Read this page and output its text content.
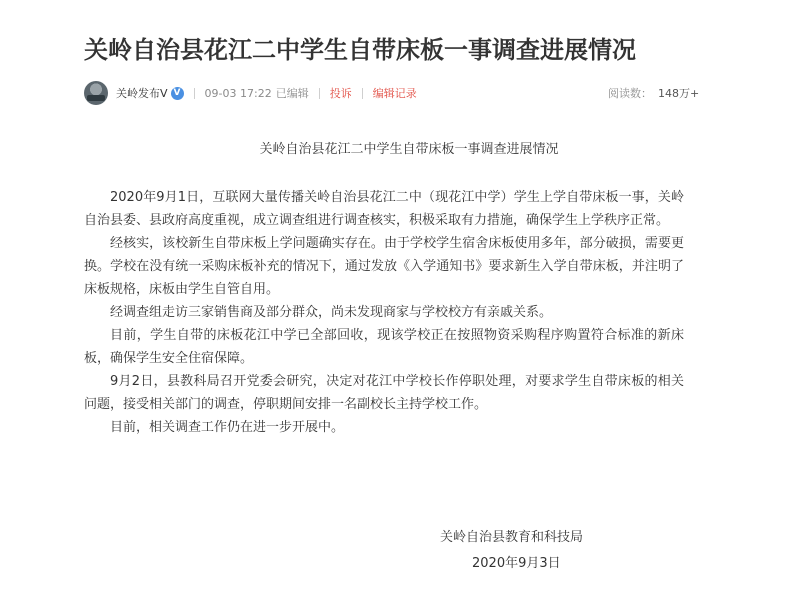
关岭自治县花江二中学生自带床板一事调查进展情况
关岭发布V V 09-03 17:22 已编辑 投诉 编辑记录	阅读数： 148万+
关岭自治县花江二中学生自带床板一事调查进展情况

2020年9月1日，互联网大量传播关岭自治县花江二中（现花江中学）学生上学自带床板一事，关岭自治县委、县政府高度重视，成立调查组进行调查核实，积极采取有力措施，确保学生上学秩序正常。

经核实，该校新生自带床板上学问题确实存在。由于学校学生宿舍床板使用多年，部分破损，需要更换。学校在没有统一采购床板补充的情况下，通过发放《入学通知书》要求新生入学自带床板，并注明了床板规格，床板由学生自管自用。

经调查组走访三家销售商及部分群众，尚未发现商家与学校校方有亲戚关系。

目前，学生自带的床板花江中学已全部回收，现该学校正在按照物资采购程序购置符合标准的新床板，确保学生安全住宿保障。

9月2日，县教科局召开党委会研究，决定对花江中学校长作停职处理，对要求学生自带床板的相关问题，接受相关部门的调查，停职期间安排一名副校长主持学校工作。

目前，相关调查工作仍在进一步开展中。

关岭自治县教育和科技局
2020年9月3日
